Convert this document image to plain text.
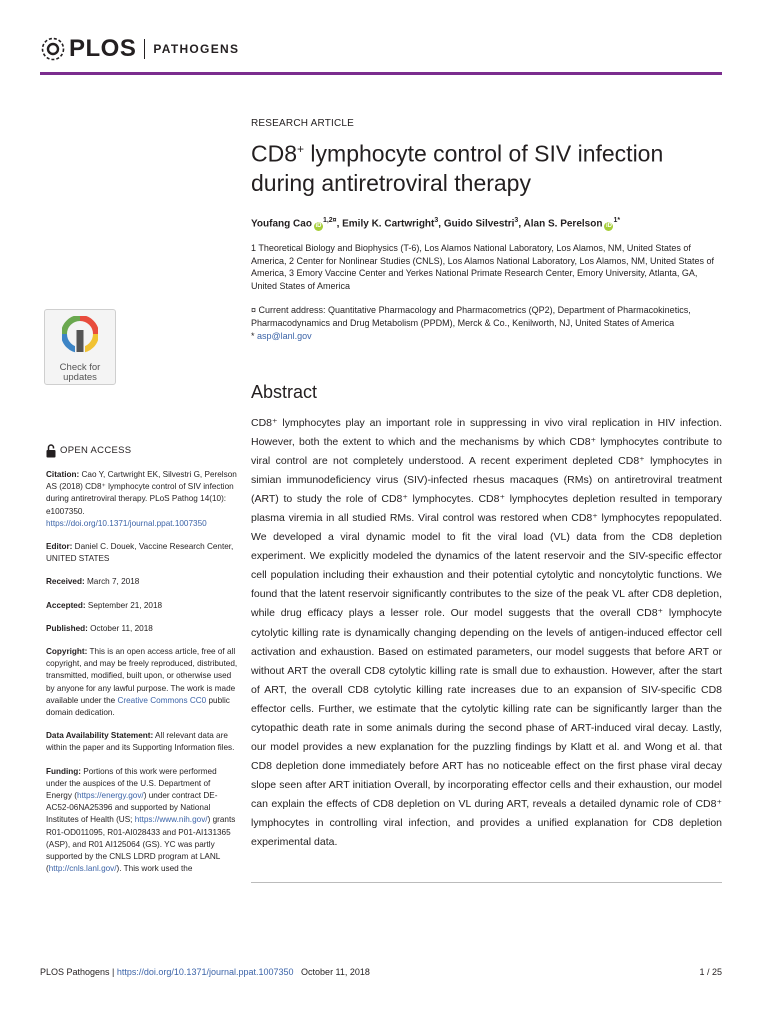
PLOS PATHOGENS
Check for
updates

RESEARCH ARTICLE

CD8+ lymphocyte control of SIV infection during antiretroviral therapy

Youfang Cao $iD^{1,2¤}$, Emily K. Cartwright$^3$, Guido Silvestri$^3$, Alan S. Perelson $iD^{1*}$

1 Theoretical Biology and Biophysics (T-6), Los Alamos National Laboratory, Los Alamos, NM, United States of America, 2 Center for Nonlinear Studies (CNLS), Los Alamos National Laboratory, Los Alamos, NM, United States of America, 3 Emory Vaccine Center and Yerkes National Primate Research Center, Emory University, Atlanta, GA, United States of America

¤ Current address: Quantitative Pharmacology and Pharmacometrics (QP2), Department of Pharmacokinetics, Pharmacodynamics and Drug Metabolism (PPDM), Merck & Co., Kenilworth, NJ, United States of America
* asp@lanl.gov

Abstract

CD8⁺ lymphocytes play an important role in suppressing in vivo viral replication in HIV infection. However, both the extent to which and the mechanisms by which CD8⁺ lymphocytes contribute to viral control are not completely understood. A recent experiment depleted CD8⁺ lymphocytes in simian immunodeficiency virus (SIV)-infected rhesus macaques (RMs) on antiretroviral treatment (ART) to study the role of CD8⁺ lymphocytes. CD8⁺ lymphocytes depletion resulted in temporary plasma viremia in all studied RMs. Viral control was restored when CD8⁺ lymphocytes repopulated. We developed a viral dynamic model to fit the viral load (VL) data from the CD8 depletion experiment. We explicitly modeled the dynamics of the latent reservoir and the SIV-specific effector cell population including their exhaustion and their potential cytolytic and noncytolytic functions. We found that the latent reservoir significantly contributes to the size of the peak VL after CD8 depletion, while drug efficacy plays a lesser role. Our model suggests that the overall CD8⁺ lymphocyte cytolytic killing rate is dynamically changing depending on the levels of antigen-induced effector cell activation and exhaustion. Based on estimated parameters, our model suggests that before ART or without ART the overall CD8 cytolytic killing rate is small due to exhaustion. However, after the start of ART, the overall CD8 cytolytic killing rate increases due to an expansion of SIV-specific CD8 effector cells. Further, we estimate that the cytolytic killing rate can be significantly larger than the cytopathic death rate in some animals during the second phase of ART-induced viral decay. Lastly, our model provides a new explanation for the puzzling findings by Klatt et al. and Wong et al. that CD8 depletion done immediately before ART has no noticeable effect on the first phase viral decay slope seen after ART initiation Overall, by incorporating effector cells and their exhaustion, our model can explain the effects of CD8 depletion on VL during ART, reveals a detailed dynamic role of CD8⁺ lymphocytes in controlling viral infection, and provides a unified explanation for CD8 depletion experimental data.

OPEN ACCESS

Citation: Cao Y, Cartwright EK, Silvestri G, Perelson AS (2018) CD8⁺ lymphocyte control of SIV infection during antiretroviral therapy. PLoS Pathog 14(10): e1007350. https://doi.org/10.1371/journal.ppat.1007350

Editor: Daniel C. Douek, Vaccine Research Center, UNITED STATES

Received: March 7, 2018

Accepted: September 21, 2018

Published: October 11, 2018

Copyright: This is an open access article, free of all copyright, and may be freely reproduced, distributed, transmitted, modified, built upon, or otherwise used by anyone for any lawful purpose. The work is made available under the Creative Commons CC0 public domain dedication.

Data Availability Statement: All relevant data are within the paper and its Supporting Information files.

Funding: Portions of this work were performed under the auspices of the U.S. Department of Energy (https://energy.gov/) under contract DE-AC52-06NA25396 and supported by National Institutes of Health (US; https://www.nih.gov/) grants R01-OD011095, R01-AI028433 and P01-AI131365 (ASP), and R01 AI125064 (GS). YC was partly supported by the CNLS LDRD program at LANL (http://cnls.lanl.gov/). This work used the

PLOS Pathogens | https://doi.org/10.1371/journal.ppat.1007350 October 11, 2018	1 / 25
